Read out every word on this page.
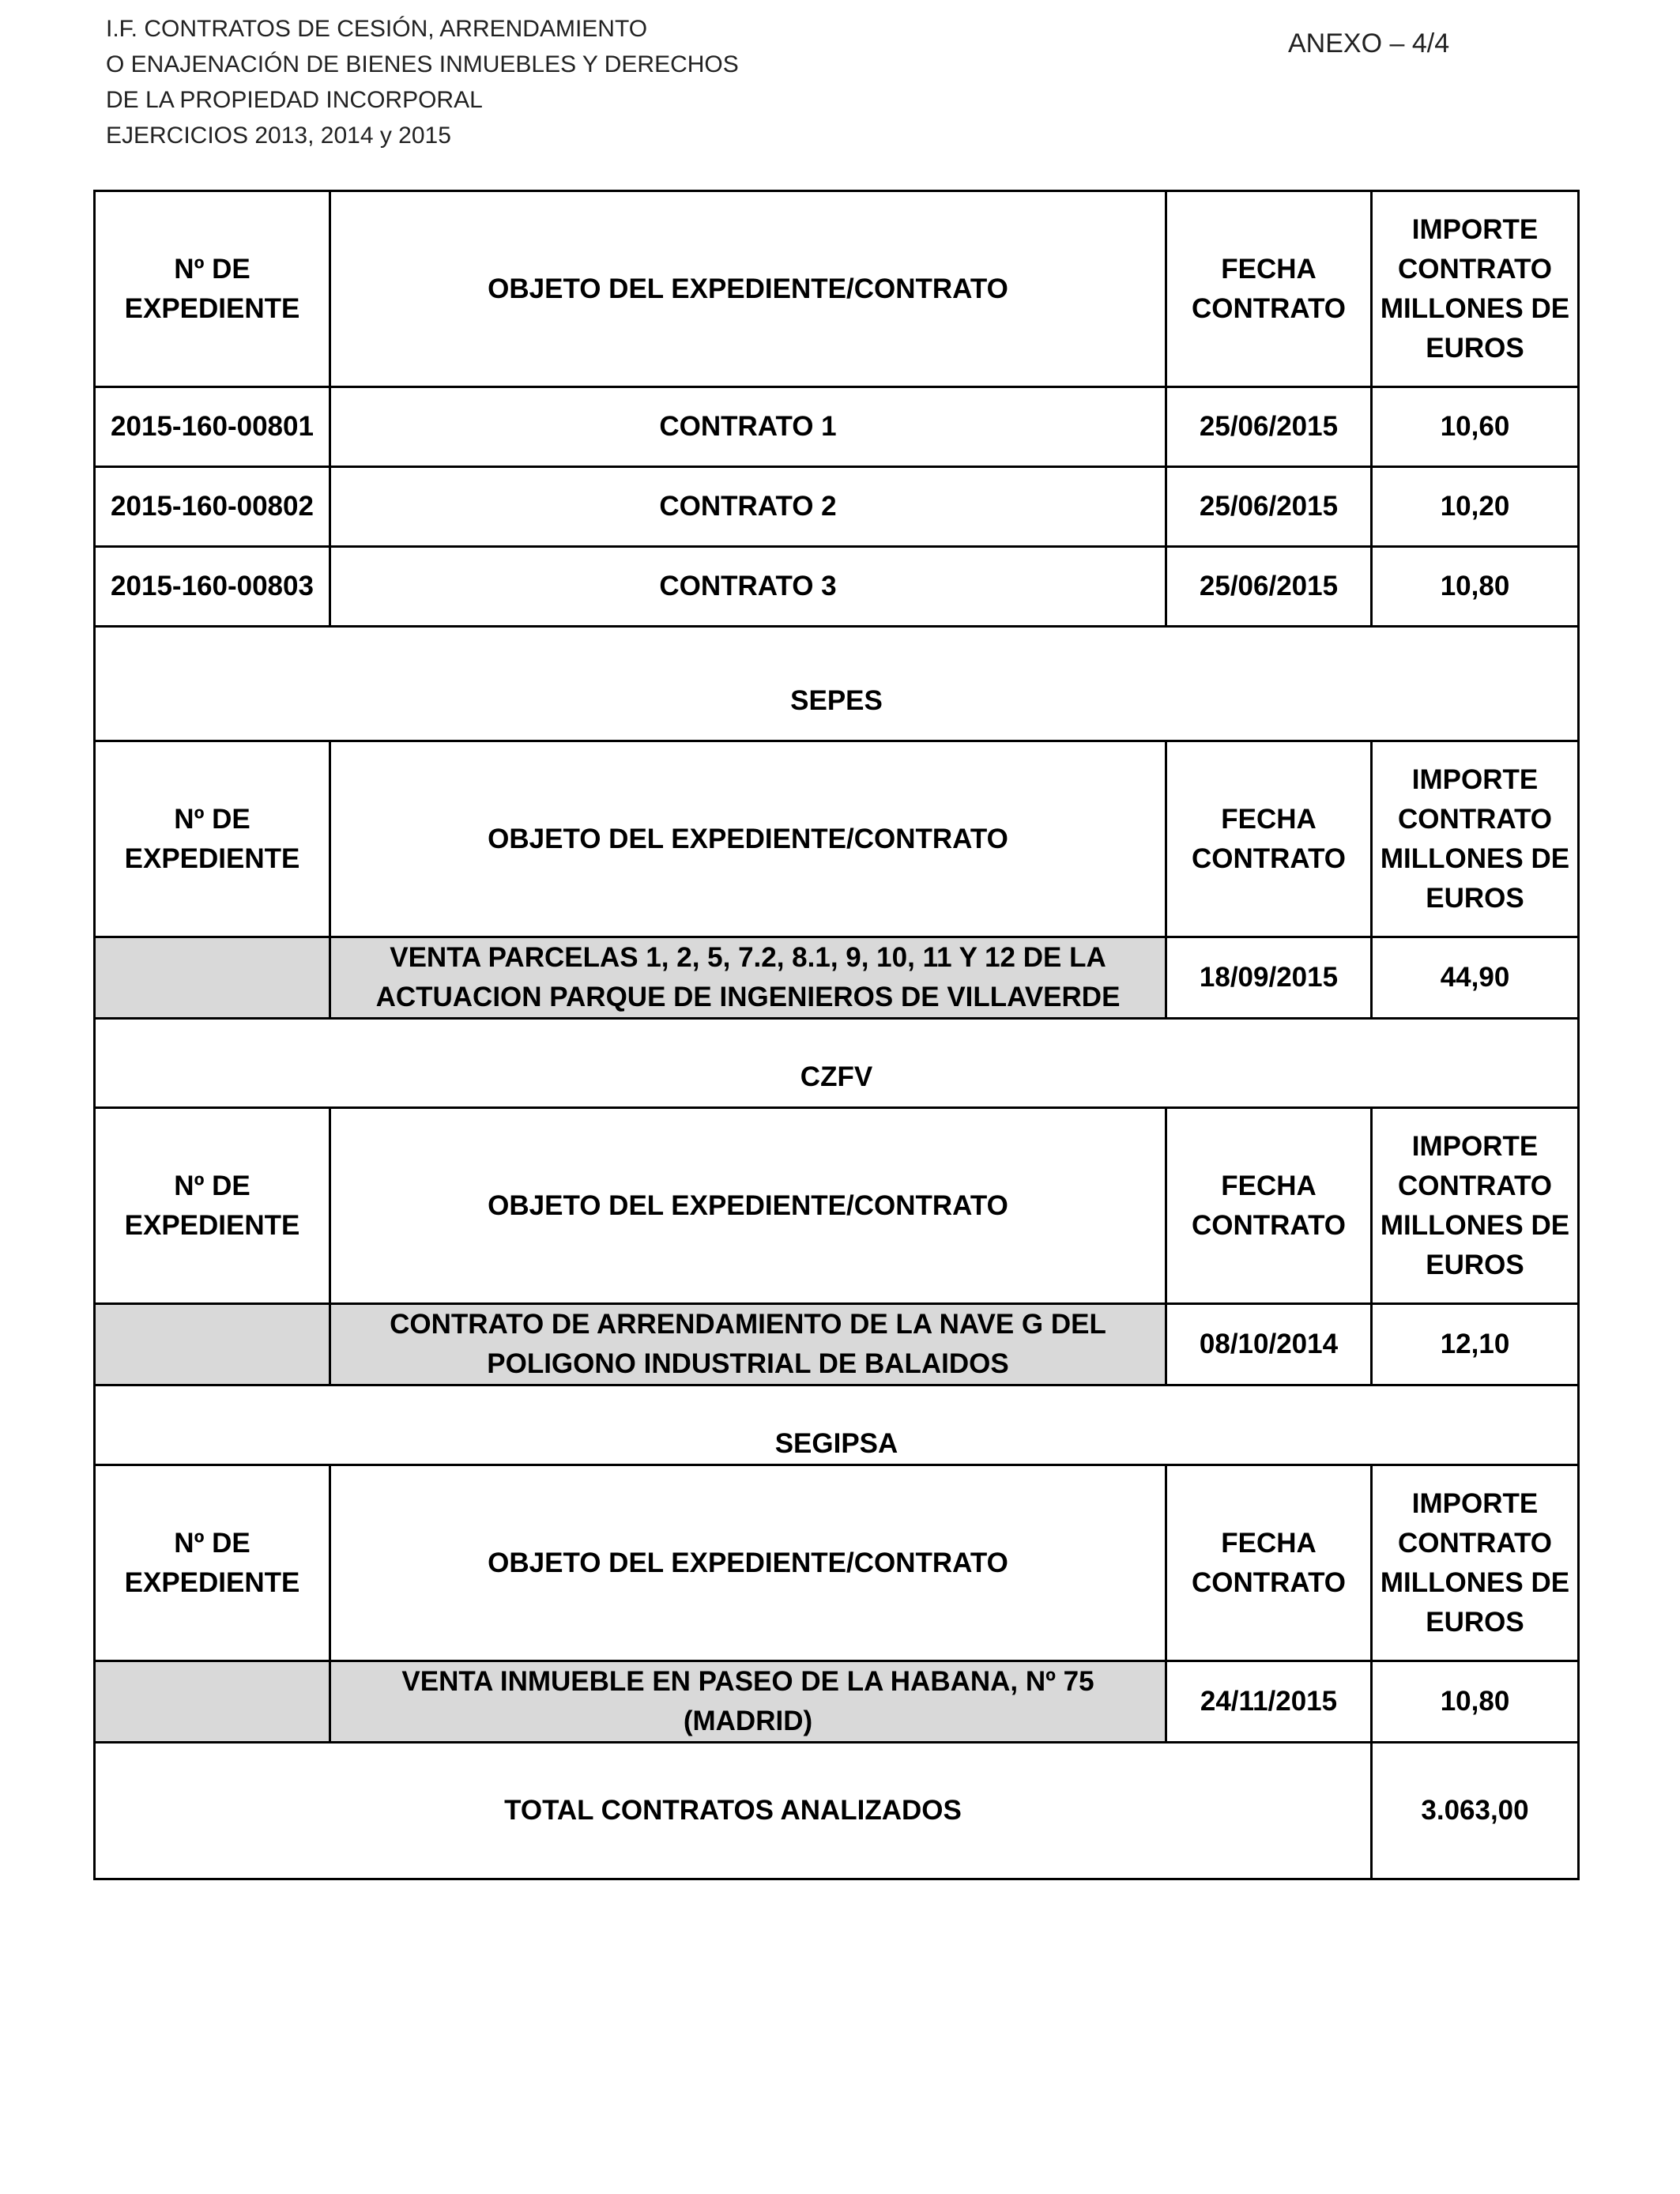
I.F. CONTRATOS DE CESIÓN, ARRENDAMIENTO
O ENAJENACIÓN DE BIENES INMUEBLES Y DERECHOS
DE LA PROPIEDAD INCORPORAL
EJERCICIOS 2013, 2014 y 2015
ANEXO – 4/4
Nº DE EXPEDIENTE	OBJETO DEL EXPEDIENTE/CONTRATO	FECHA CONTRATO	IMPORTE CONTRATO MILLONES DE EUROS
2015-160-00801	CONTRATO 1	25/06/2015	10,60
2015-160-00802	CONTRATO 2	25/06/2015	10,20
2015-160-00803	CONTRATO 3	25/06/2015	10,80
SEPES			
Nº DE EXPEDIENTE	OBJETO DEL EXPEDIENTE/CONTRATO	FECHA CONTRATO	IMPORTE CONTRATO MILLONES DE EUROS
	VENTA PARCELAS 1, 2, 5, 7.2, 8.1, 9, 10, 11 Y 12 DE LA ACTUACION PARQUE DE INGENIEROS DE VILLAVERDE	18/09/2015	44,90
CZFV			
Nº DE EXPEDIENTE	OBJETO DEL EXPEDIENTE/CONTRATO	FECHA CONTRATO	IMPORTE CONTRATO MILLONES DE EUROS
	CONTRATO DE ARRENDAMIENTO DE LA NAVE G DEL POLIGONO INDUSTRIAL DE BALAIDOS	08/10/2014	12,10
SEGIPSA			
Nº DE EXPEDIENTE	OBJETO DEL EXPEDIENTE/CONTRATO	FECHA CONTRATO	IMPORTE CONTRATO MILLONES DE EUROS
	VENTA INMUEBLE EN PASEO DE LA HABANA, Nº 75 (MADRID)	24/11/2015	10,80
TOTAL CONTRATOS ANALIZADOS			3.063,00
